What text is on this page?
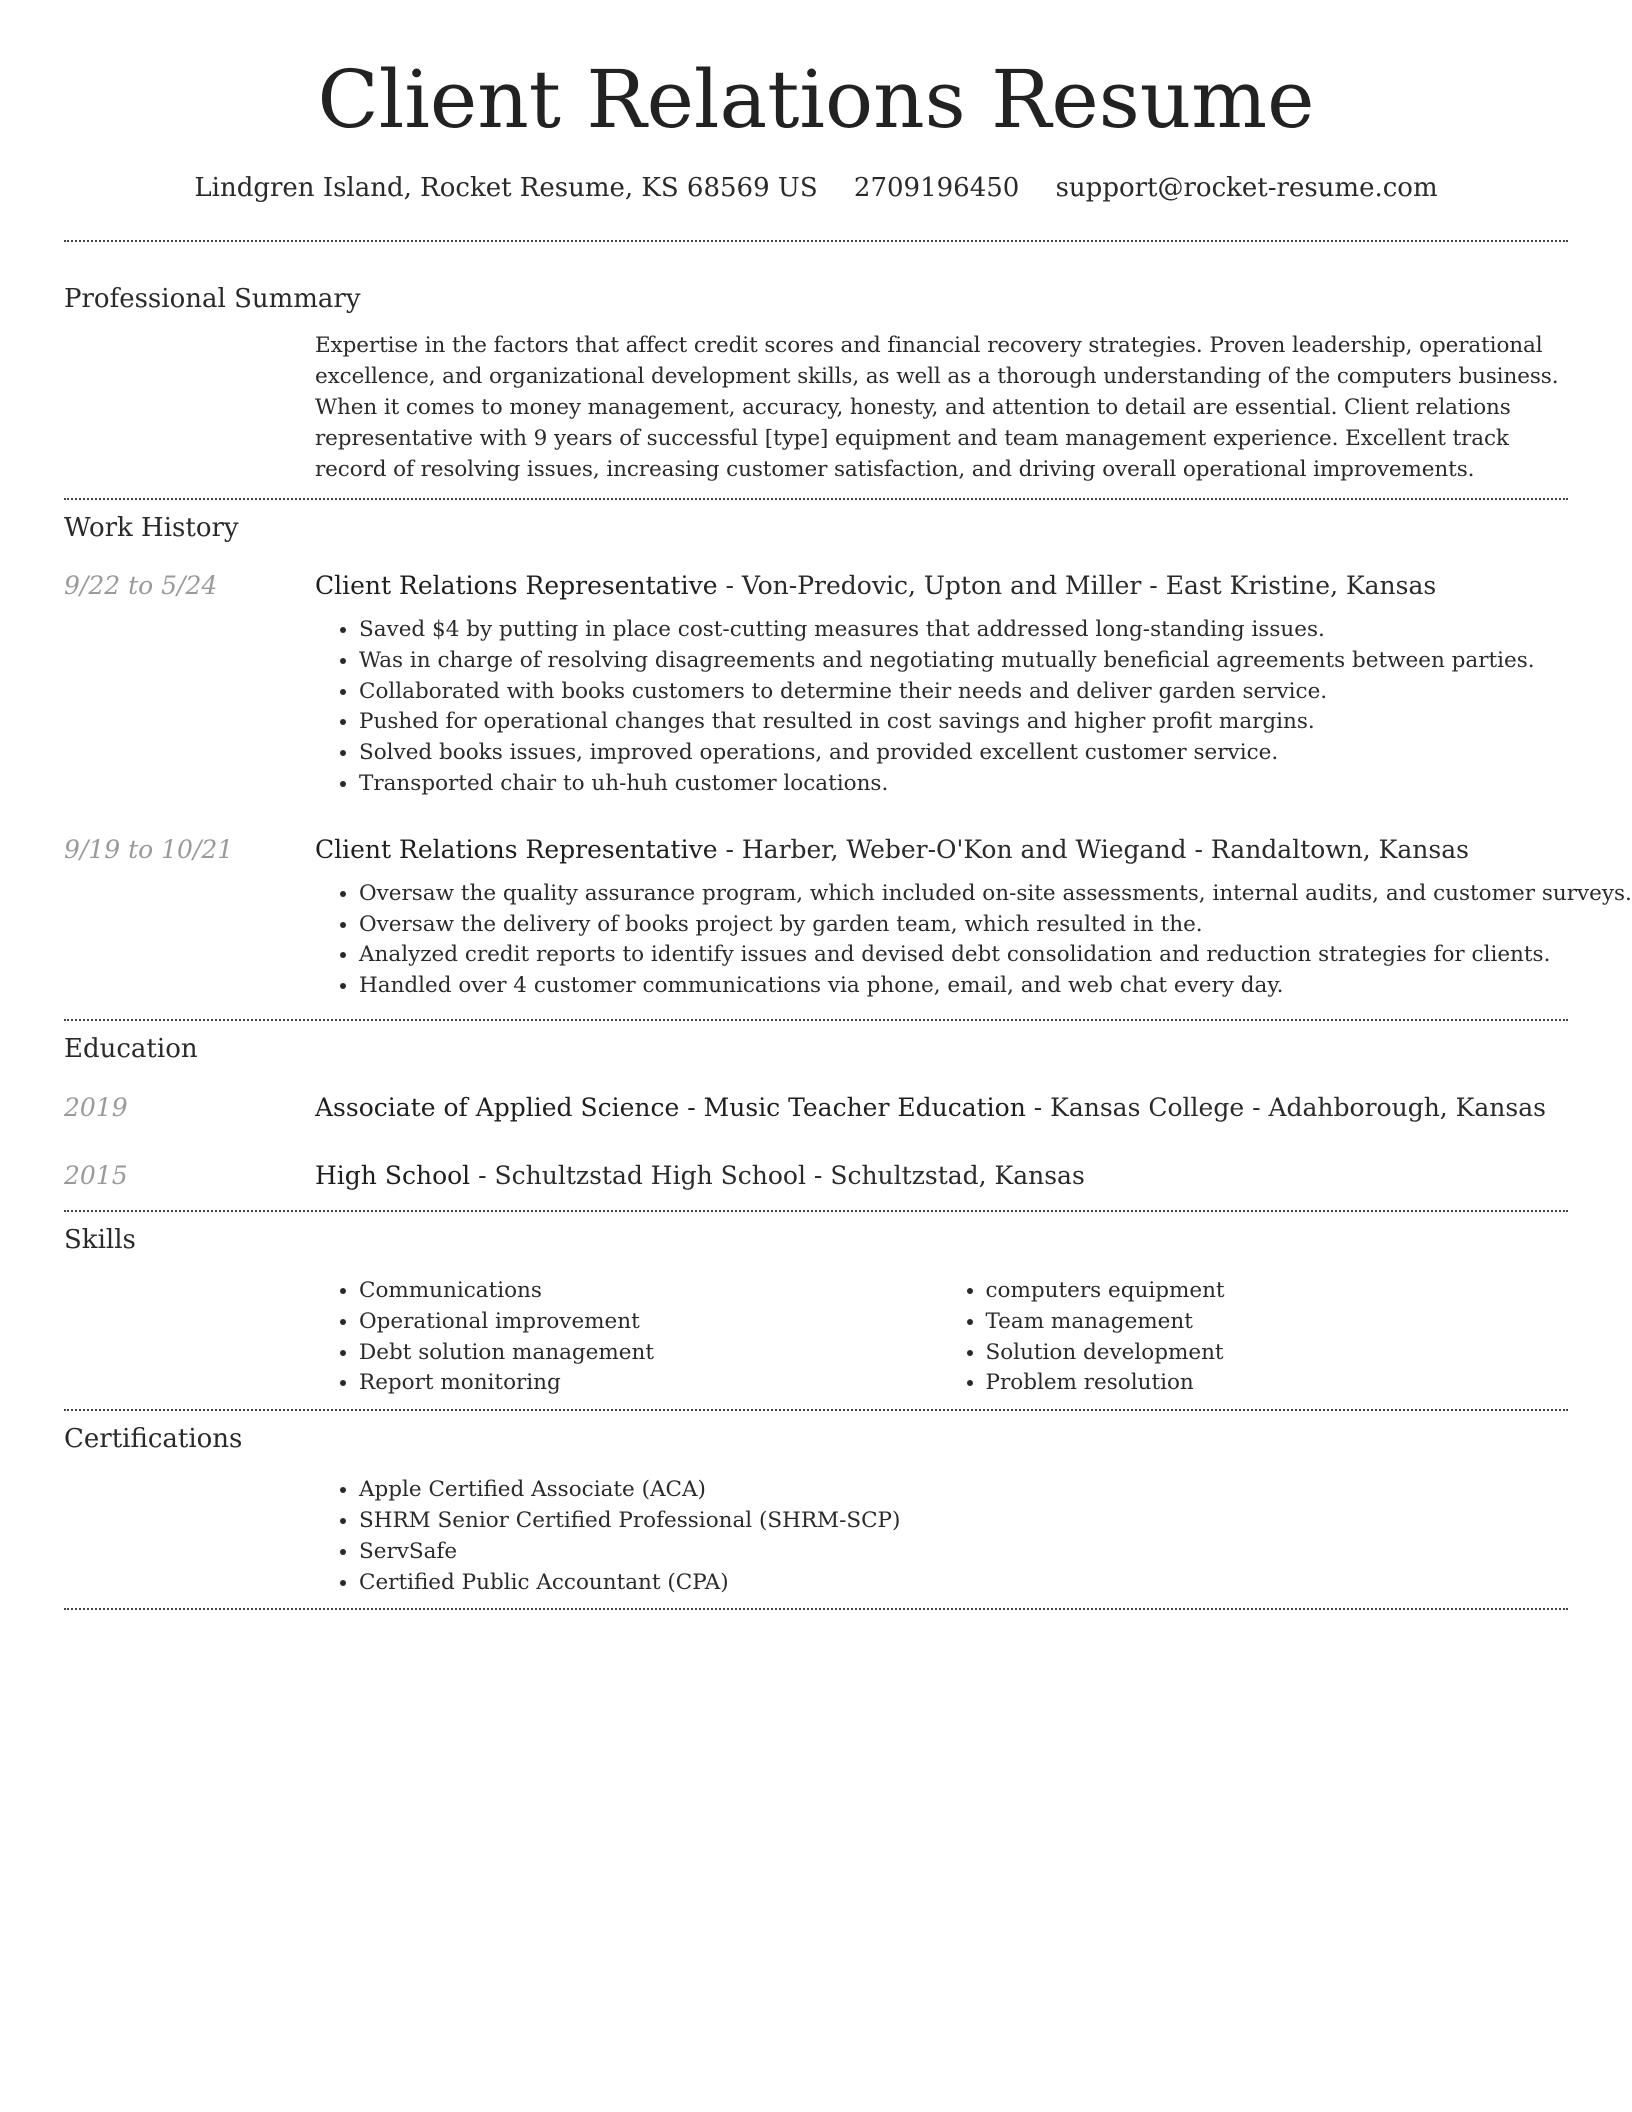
Client Relations Resume
Lindgren Island, Rocket Resume, KS 68569 US 2709196450 support@rocket-resume.com
Professional Summary

Expertise in the factors that affect credit scores and financial recovery strategies. Proven leadership, operational excellence, and organizational development skills, as well as a thorough understanding of the computers business. When it comes to money management, accuracy, honesty, and attention to detail are essential. Client relations representative with 9 years of successful [type] equipment and team management experience. Excellent track record of resolving issues, increasing customer satisfaction, and driving overall operational improvements.

Work History
9/22 to 5/24	Client Relations Representative - Von-Predovic, Upton and Miller - East Kristine, Kansas
• Saved $4 by putting in place cost-cutting measures that addressed long-standing issues.
• Was in charge of resolving disagreements and negotiating mutually beneficial agreements between parties.
• Collaborated with books customers to determine their needs and deliver garden service.
• Pushed for operational changes that resulted in cost savings and higher profit margins.
• Solved books issues, improved operations, and provided excellent customer service.
• Transported chair to uh-huh customer locations.
9/19 to 10/21	Client Relations Representative - Harber, Weber-O'Kon and Wiegand - Randaltown, Kansas
• Oversaw the quality assurance program, which included on-site assessments, internal audits, and customer surveys.
• Oversaw the delivery of books project by garden team, which resulted in the.
• Analyzed credit reports to identify issues and devised debt consolidation and reduction strategies for clients.
• Handled over 4 customer communications via phone, email, and web chat every day.
Education
2019	Associate of Applied Science - Music Teacher Education - Kansas College - Adahborough, Kansas
2015	High School - Schultzstad High School - Schultzstad, Kansas
Skills
• Communications
• Operational improvement
• Debt solution management
• Report monitoring
• computers equipment
• Team management
• Solution development
• Problem resolution
Certifications
• Apple Certified Associate (ACA)
• SHRM Senior Certified Professional (SHRM-SCP)
• ServSafe
• Certified Public Accountant (CPA)
